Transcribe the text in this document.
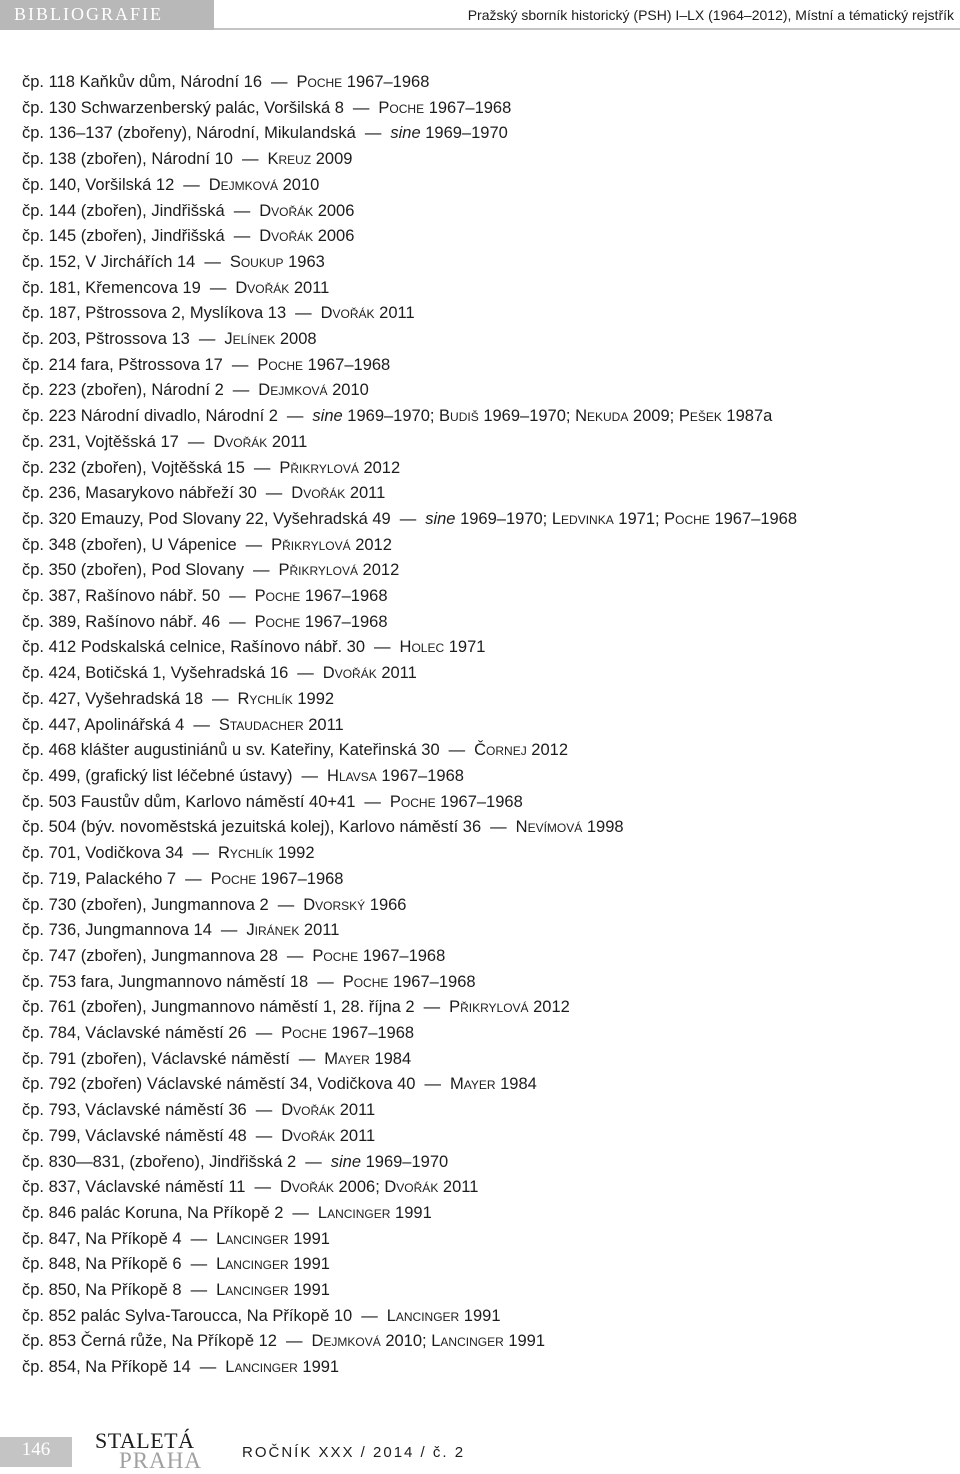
BIBLIOGRAFIE	Pražský sborník historický (PSH) I–LX (1964–2012), Místní a tématický rejstřík
čp. 118 Kaňkův dům, Národní 16 — Poche 1967–1968
čp. 130 Schwarzenberský palác, Voršilská 8 — Poche 1967–1968
čp. 136–137 (zbořeny), Národní, Mikulandská — sine 1969–1970
čp. 138 (zbořen), Národní 10 — Kreuz 2009
čp. 140, Voršilská 12 — Dejmková 2010
čp. 144 (zbořen), Jindřišská — Dvořák 2006
čp. 145 (zbořen), Jindřišská — Dvořák 2006
čp. 152, V Jirchářích 14 — Soukup 1963
čp. 181, Křemencova 19 — Dvořák 2011
čp. 187, Pštrossova 2, Myslíkova 13 — Dvořák 2011
čp. 203, Pštrossova 13 — Jelínek 2008
čp. 214 fara, Pštrossova 17 — Poche 1967–1968
čp. 223 (zbořen), Národní 2 — Dejmková 2010
čp. 223 Národní divadlo, Národní 2 — sine 1969–1970; Budiš 1969–1970; Nekuda 2009; Pešek 1987a
čp. 231, Vojtěšská 17 — Dvořák 2011
čp. 232 (zbořen), Vojtěšská 15 — Přikrylová 2012
čp. 236, Masarykovo nábřeží 30 — Dvořák 2011
čp. 320 Emauzy, Pod Slovany 22, Vyšehradská 49 — sine 1969–1970; Ledvinka 1971; Poche 1967–1968
čp. 348 (zbořen), U Vápenice — Přikrylová 2012
čp. 350 (zbořen), Pod Slovany — Přikrylová 2012
čp. 387, Rašínovo nábř. 50 — Poche 1967–1968
čp. 389, Rašínovo nábř. 46 — Poche 1967–1968
čp. 412 Podskalská celnice, Rašínovo nábř. 30 — Holec 1971
čp. 424, Botičská 1, Vyšehradská 16 — Dvořák 2011
čp. 427, Vyšehradská 18 — Rychlík 1992
čp. 447, Apolinářská 4 — Staudacher 2011
čp. 468 klášter augustiniánů u sv. Kateřiny, Kateřinská 30 — Čornej 2012
čp. 499, (grafický list léčebné ústavy) — Hlavsa 1967–1968
čp. 503 Faustův dům, Karlovo náměstí 40+41 — Poche 1967–1968
čp. 504 (býv. novoměstská jezuitská kolej), Karlovo náměstí 36 — Nevímová 1998
čp. 701, Vodičkova 34 — Rychlík 1992
čp. 719, Palackého 7 — Poche 1967–1968
čp. 730 (zbořen), Jungmannova 2 — Dvorský 1966
čp. 736, Jungmannova 14 — Jiránek 2011
čp. 747 (zbořen), Jungmannova 28 — Poche 1967–1968
čp. 753 fara, Jungmannovo náměstí 18 — Poche 1967–1968
čp. 761 (zbořen), Jungmannovo náměstí 1, 28. října 2 — Přikrylová 2012
čp. 784, Václavské náměstí 26 — Poche 1967–1968
čp. 791 (zbořen), Václavské náměstí — Mayer 1984
čp. 792 (zbořen) Václavské náměstí 34, Vodičkova 40 — Mayer 1984
čp. 793, Václavské náměstí 36 — Dvořák 2011
čp. 799, Václavské náměstí 48 — Dvořák 2011
čp. 830—831, (zbořeno), Jindřišská 2 — sine 1969–1970
čp. 837, Václavské náměstí 11 — Dvořák 2006; Dvořák 2011
čp. 846 palác Koruna, Na Příkopě 2 — Lancinger 1991
čp. 847, Na Příkopě 4 — Lancinger 1991
čp. 848, Na Příkopě 6 — Lancinger 1991
čp. 850, Na Příkopě 8 — Lancinger 1991
čp. 852 palác Sylva-Taroucca, Na Příkopě 10 — Lancinger 1991
čp. 853 Černá růže, Na Příkopě 12 — Dejmková 2010; Lancinger 1991
čp. 854, Na Příkopě 14 — Lancinger 1991
146	STALETÁ
PRAHA	ROČNÍK XXX / 2014 / č. 2
